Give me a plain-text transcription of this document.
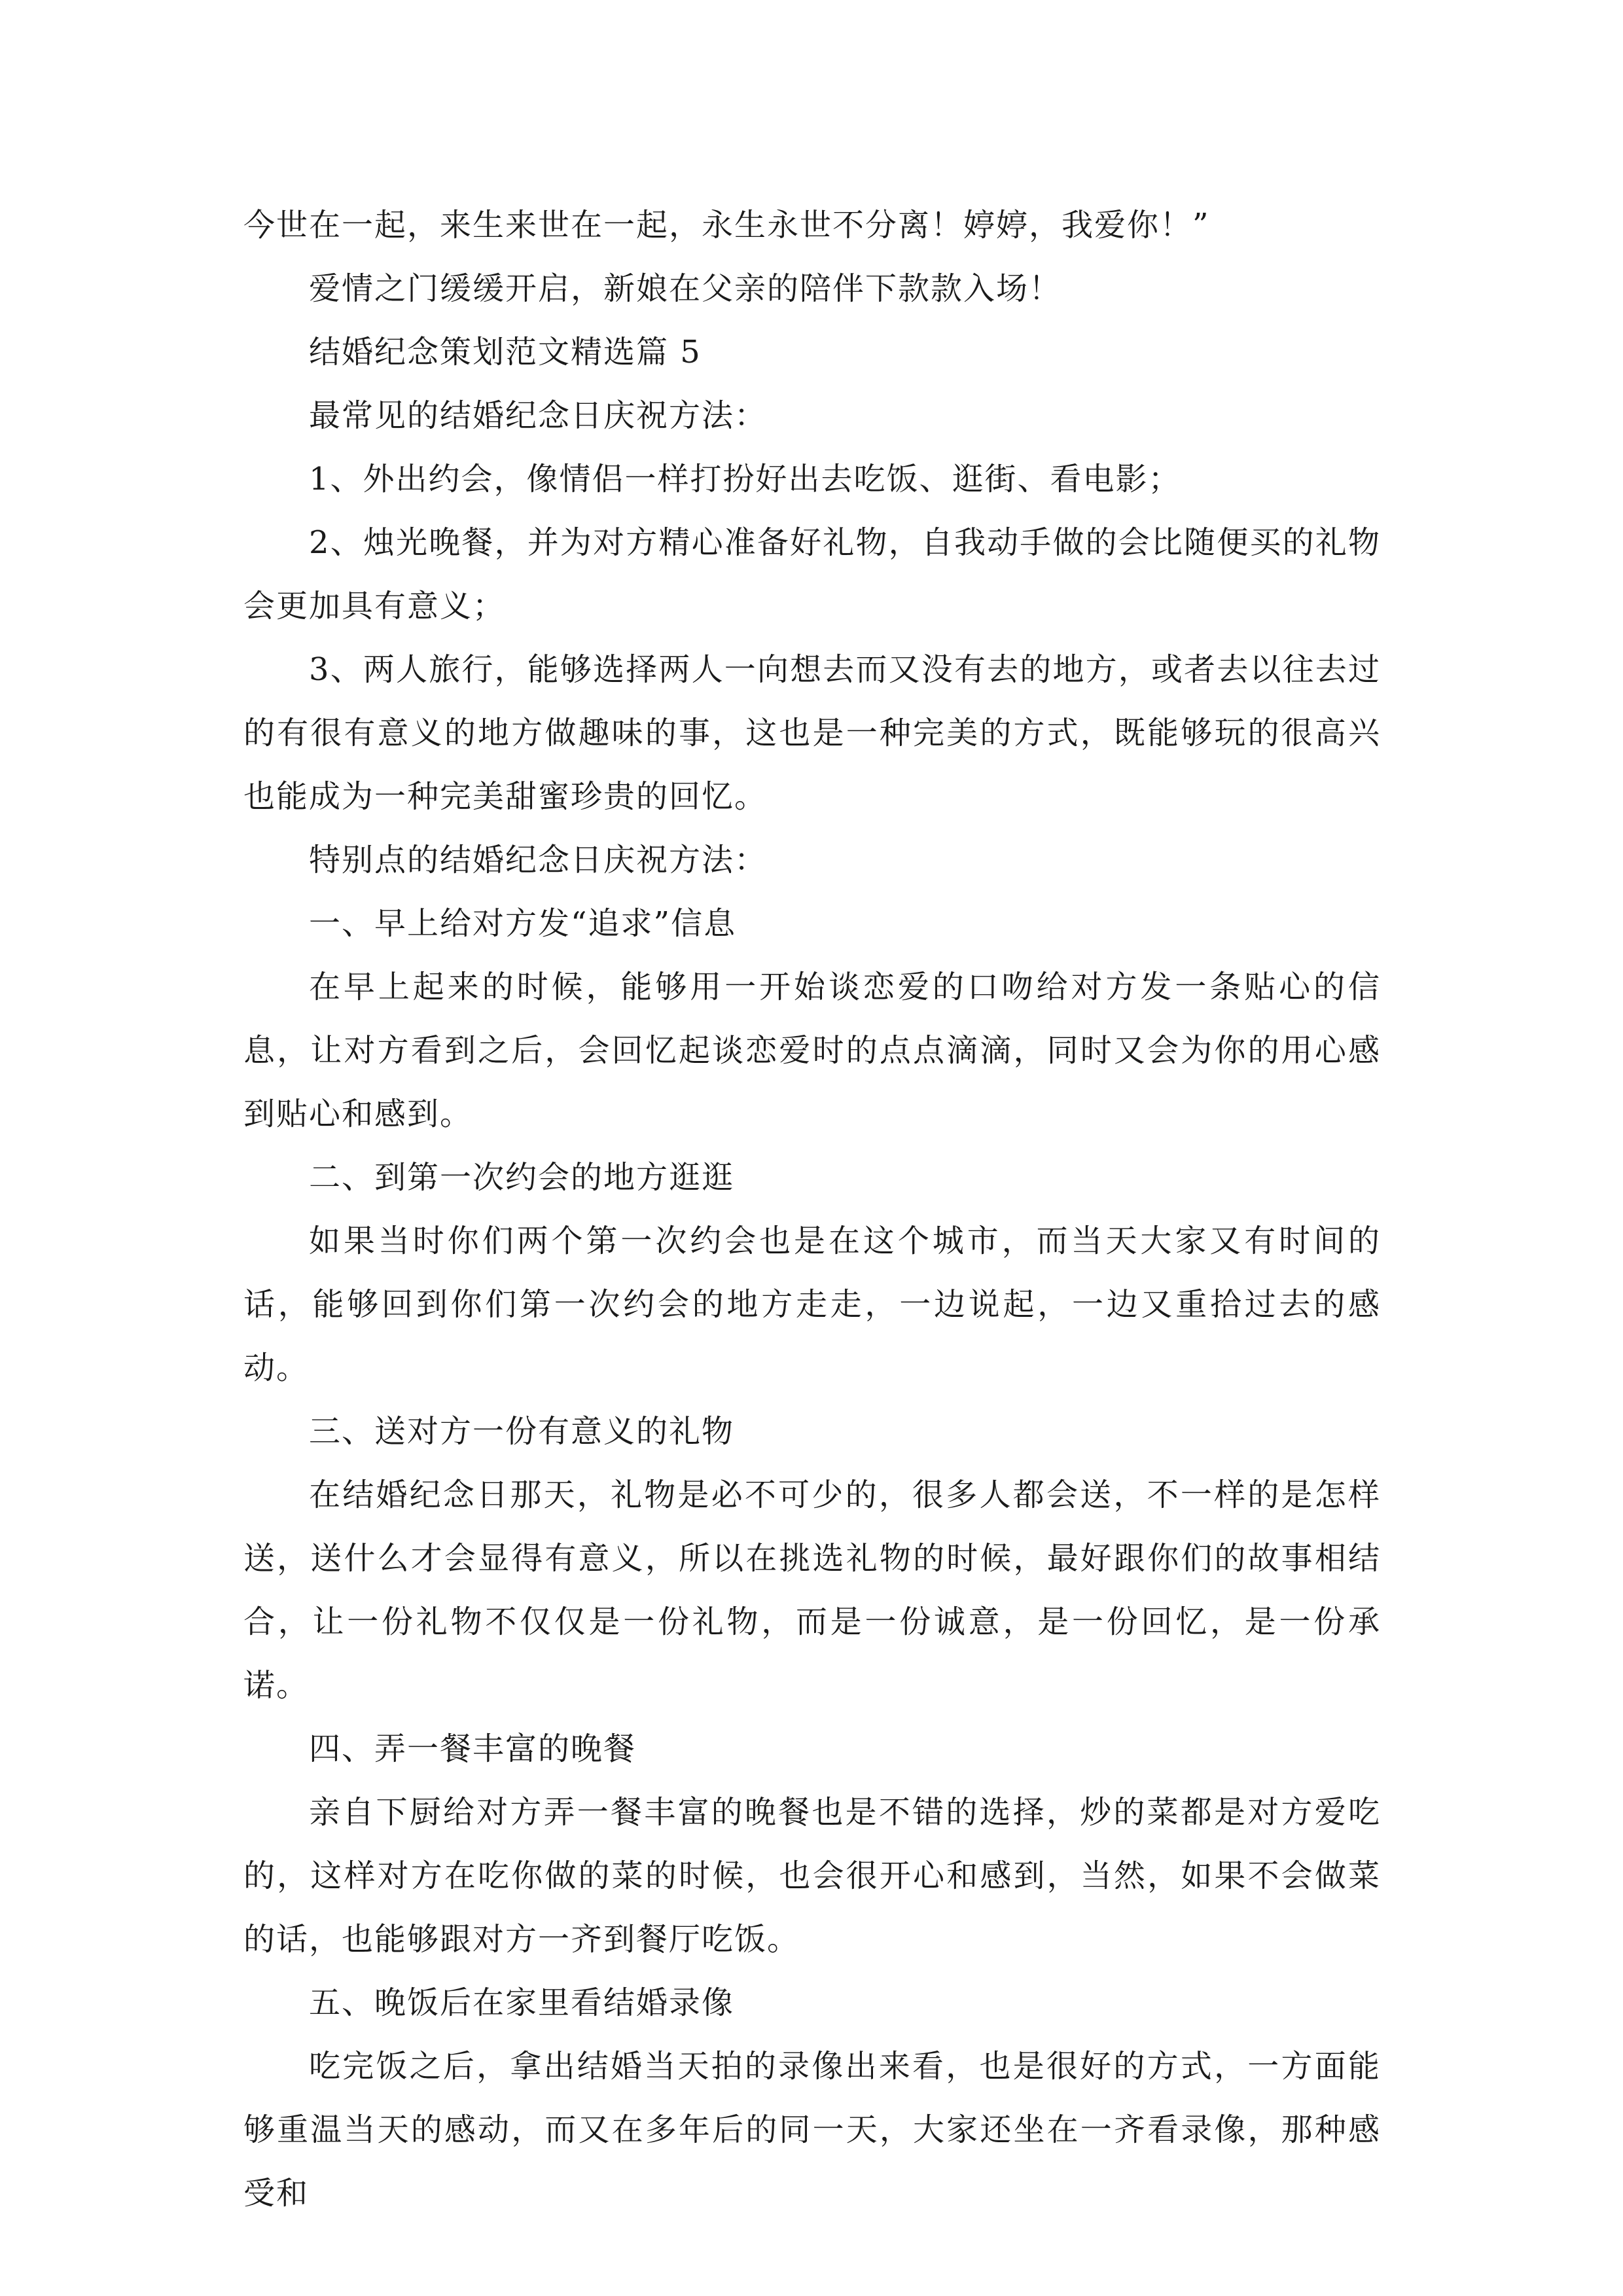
今世在一起，来生来世在一起，永生永世不分离！婷婷，我爱你！”

爱情之门缓缓开启，新娘在父亲的陪伴下款款入场！

结婚纪念策划范文精选篇 5

最常见的结婚纪念日庆祝方法：

1、外出约会，像情侣一样打扮好出去吃饭、逛街、看电影；

2、烛光晚餐，并为对方精心准备好礼物，自我动手做的会比随便买的礼物会更加具有意义；

3、两人旅行，能够选择两人一向想去而又没有去的地方，或者去以往去过的有很有意义的地方做趣味的事，这也是一种完美的方式，既能够玩的很高兴也能成为一种完美甜蜜珍贵的回忆。

特别点的结婚纪念日庆祝方法：

一、早上给对方发“追求”信息

在早上起来的时候，能够用一开始谈恋爱的口吻给对方发一条贴心的信息，让对方看到之后，会回忆起谈恋爱时的点点滴滴，同时又会为你的用心感到贴心和感到。

二、到第一次约会的地方逛逛

如果当时你们两个第一次约会也是在这个城市，而当天大家又有时间的话，能够回到你们第一次约会的地方走走，一边说起，一边又重拾过去的感动。

三、送对方一份有意义的礼物

在结婚纪念日那天，礼物是必不可少的，很多人都会送，不一样的是怎样送，送什么才会显得有意义，所以在挑选礼物的时候，最好跟你们的故事相结合，让一份礼物不仅仅是一份礼物，而是一份诚意，是一份回忆，是一份承诺。

四、弄一餐丰富的晚餐

亲自下厨给对方弄一餐丰富的晚餐也是不错的选择，炒的菜都是对方爱吃的，这样对方在吃你做的菜的时候，也会很开心和感到，当然，如果不会做菜的话，也能够跟对方一齐到餐厅吃饭。

五、晚饭后在家里看结婚录像

吃完饭之后，拿出结婚当天拍的录像出来看，也是很好的方式，一方面能够重温当天的感动，而又在多年后的同一天，大家还坐在一齐看录像，那种感受和
